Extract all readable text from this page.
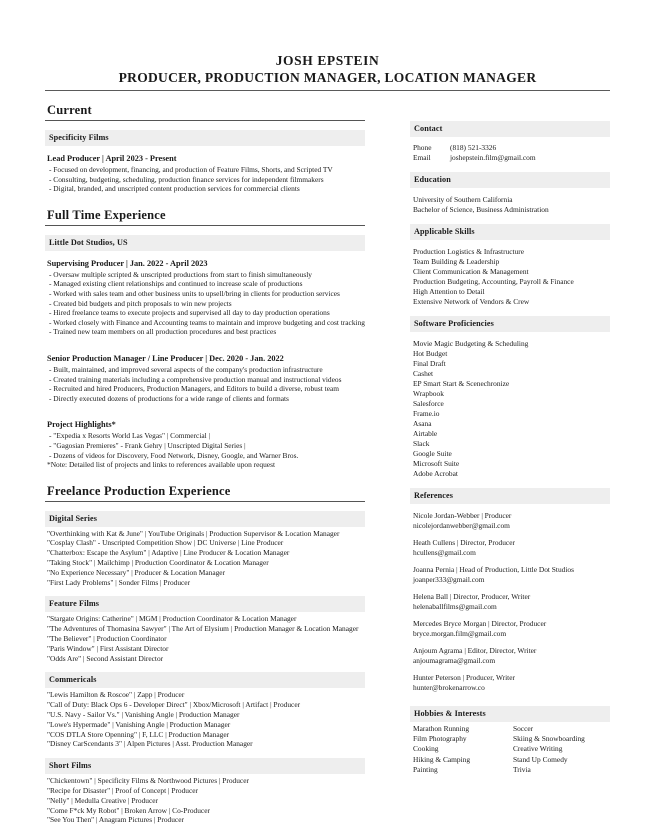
JOSH EPSTEIN
PRODUCER, PRODUCTION MANAGER, LOCATION MANAGER
Current
Specificity Films
Lead Producer | April 2023 - Present
- Focused on development, financing, and production of Feature Films, Shorts, and Scripted TV
- Consulting, budgeting, scheduling, production finance services for independent filmmakers
- Digital, branded, and unscripted content production services for commercial clients
Full Time Experience
Little Dot Studios, US
Supervising Producer | Jan. 2022 - April 2023
- Oversaw multiple scripted & unscripted productions from start to finish simultaneously
- Managed existing client relationships and continued to increase scale of productions
- Worked with sales team and other business units to upsell/bring in clients for production services
- Created bid budgets and pitch proposals to win new projects
- Hired freelance teams to execute projects and supervised all day to day production operations
- Worked closely with Finance and Accounting teams to maintain and improve budgeting and cost tracking
- Trained new team members on all production procedures and best practices
Senior Production Manager / Line Producer | Dec. 2020 - Jan. 2022
- Built, maintained, and improved several aspects of the company's production infrastructure
- Created training materials including a comprehensive production manual and instructional videos
- Recruited and hired Producers, Production Managers, and Editors to build a diverse, robust team
- Directly executed dozens of productions for a wide range of clients and formats
Project Highlights*
- "Expedia x Resorts World Las Vegas" | Commercial |
- "Gagosian Premieres" - Frank Gehry | Unscripted Digital Series |
- Dozens of videos for Discovery, Food Network, Disney, Google, and Warner Bros.
*Note: Detailed list of projects and links to references available upon request
Freelance Production Experience
Digital Series
"Overthinking with Kat & June" | YouTube Originals | Production Supervisor & Location Manager
"Cosplay Clash" - Unscripted Competition Show | DC Universe | Line Producer
"Chatterbox: Escape the Asylum" | Adaptive | Line Producer & Location Manager
"Taking Stock" | Mailchimp | Production Coordinator & Location Manager
"No Experience Necessary" | Producer & Location Manager
"First Lady Problems" | Sonder Films | Producer
Feature Films
"Stargate Origins: Catherine" | MGM | Production Coordinator & Location Manager
"The Adventures of Thomasina Sawyer" | The Art of Elysium | Production Manager & Location Manager
"The Believer" | Production Coordinator
"Paris Window" | First Assistant Director
"Odds Are" | Second Assistant Director
Commericals
"Lewis Hamilton & Roscoe" | Zapp | Producer
"Call of Duty: Black Ops 6 - Developer Direct" | Xbox/Microsoft | Artifact | Producer
"U.S. Navy - Sailor Vs." | Vanishing Angle | Production Manager
"Lowe's Hypermade" | Vanishing Angle | Production Manager
"COS DTLA Store Openning" | F, LLC | Production Manager
"Disney CarScendants 3" | Alpen Pictures | Asst. Production Manager
Short Films
"Chickentown" | Specificity Films & Northwood Pictures | Producer
"Recipe for Disaster" | Proof of Concept | Producer
"Nelly" | Medulla Creative | Producer
"Come F*ck My Robot" | Broken Arrow | Co-Producer
"See You Then" | Anagram Pictures | Producer
Contact
Phone	(818) 521-3326
Email	joshepstein.film@gmail.com
Education
University of Southern California
Bachelor of Science, Business Administration
Applicable Skills
Production Logistics & Infrastructure
Team Building & Leadership
Client Communication & Management
Production Budgeting, Accounting, Payroll & Finance
High Attention to Detail
Extensive Network of Vendors & Crew
Software Proficiencies
Movie Magic Budgeting & Scheduling
Hot Budget
Final Draft
Cashet
EP Smart Start & Scenechronize
Wrapbook
Salesforce
Frame.io
Asana
Airtable
Slack
Google Suite
Microsoft Suite
Adobe Acrobat
References
Nicole Jordan-Webber | Producer
nicolejordanwebber@gmail.com
Heath Cullens | Director, Producer
hcullens@gmail.com
Joanna Pernia | Head of Production, Little Dot Studios
joanper333@gmail.com
Helena Ball | Director, Producer, Writer
helenaballfilms@gmail.com
Mercedes Bryce Morgan | Director, Producer
bryce.morgan.film@gmail.com
Anjoum Agrama | Editor, Director, Writer
anjoumagrama@gmail.com
Hunter Peterson | Producer, Writer
hunter@brokenarrow.co
Hobbies & Interests
Marathon Running
Film Photography
Cooking
Hiking & Camping
Painting
Soccer
Skiing & Snowboarding
Creative Writing
Stand Up Comedy
Trivia
